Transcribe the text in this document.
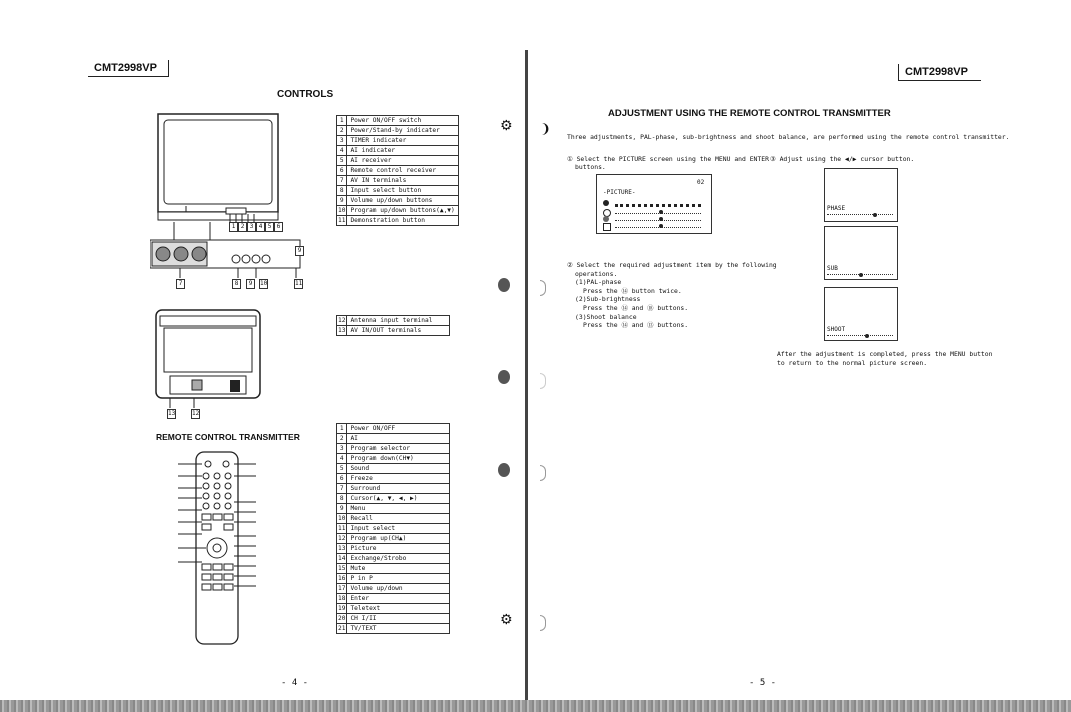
CMT2998VP
CONTROLS
1 2 3 4 5 6
9
7	8	9	10	11
1	Power ON/OFF switch
2	Power/Stand-by indicater
3	TIMER indicater
4	AI indicater
5	AI receiver
6	Remote control receiver
7	AV IN terminals
8	Input select button
9	Volume up/down buttons
10	Program up/down buttons(▲,▼)
11	Demonstration button
13	12
12	Antenna input terminal
13	AV IN/OUT terminals
REMOTE CONTROL TRANSMITTER
1	Power ON/OFF
2	AI
3	Program selector
4	Program down(CH▼)
5	Sound
6	Freeze
7	Surround
8	Cursor(▲, ▼, ◀, ▶)
9	Menu
10	Recall
11	Input select
12	Program up(CH▲)
13	Picture
14	Exchange/Strobo
15	Mute
16	P in P
17	Volume up/down
18	Enter
19	Teletext
20	CH I/II
21	TV/TEXT
- 4 -
⚙
⚙
CMT2998VP
ADJUSTMENT USING THE REMOTE CONTROL TRANSMITTER
❩	Three adjustments, PAL-phase, sub-brightness and shoot balance, are performed using the remote control transmitter.
① Select the PICTURE screen using the MENU and ENTER
buttons.
-PICTURE-
02
② Select the required adjustment item by the following
operations.
(1)PAL-phase
Press the ⑭ button twice.
(2)Sub-brightness
Press the ⑭ and ⑱ buttons.
(3)Shoot balance
Press the ⑭ and ⑬ buttons.
③ Adjust using the ◀/▶ cursor button.
PHASE
SUB
SHOOT
After the adjustment is completed, press the MENU button
to return to the normal picture screen.
- 5 -
